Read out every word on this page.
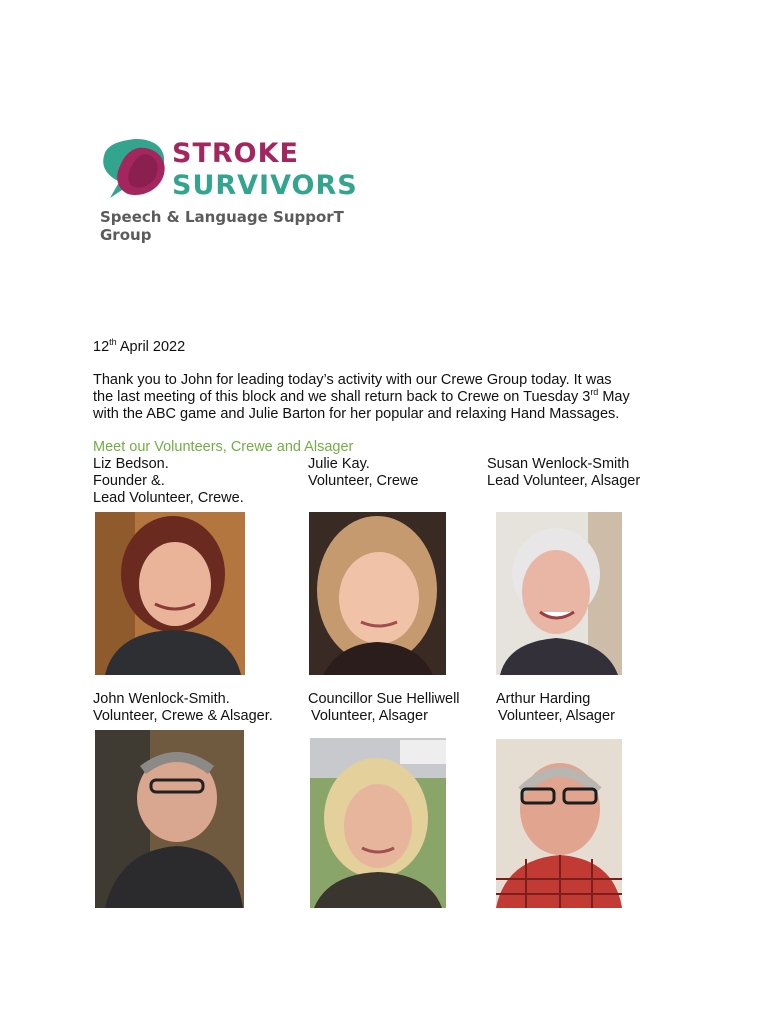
STROKE
SURVIVORS
Speech & Language SupporT Group
12th April 2022
Thank you to John for leading today’s activity with our Crewe Group today. It was
the last meeting of this block and we shall return back to Crewe on Tuesday 3rd May
with the ABC game and Julie Barton for her popular and relaxing Hand Massages.
Meet our Volunteers, Crewe and Alsager
Liz Bedson.
Founder &.
Lead Volunteer, Crewe.
Julie Kay.
Volunteer, Crewe
Susan Wenlock-Smith
Lead Volunteer, Alsager
John Wenlock-Smith.
Volunteer, Crewe & Alsager.
Councillor Sue Helliwell
Volunteer, Alsager
Arthur Harding
Volunteer, Alsager
